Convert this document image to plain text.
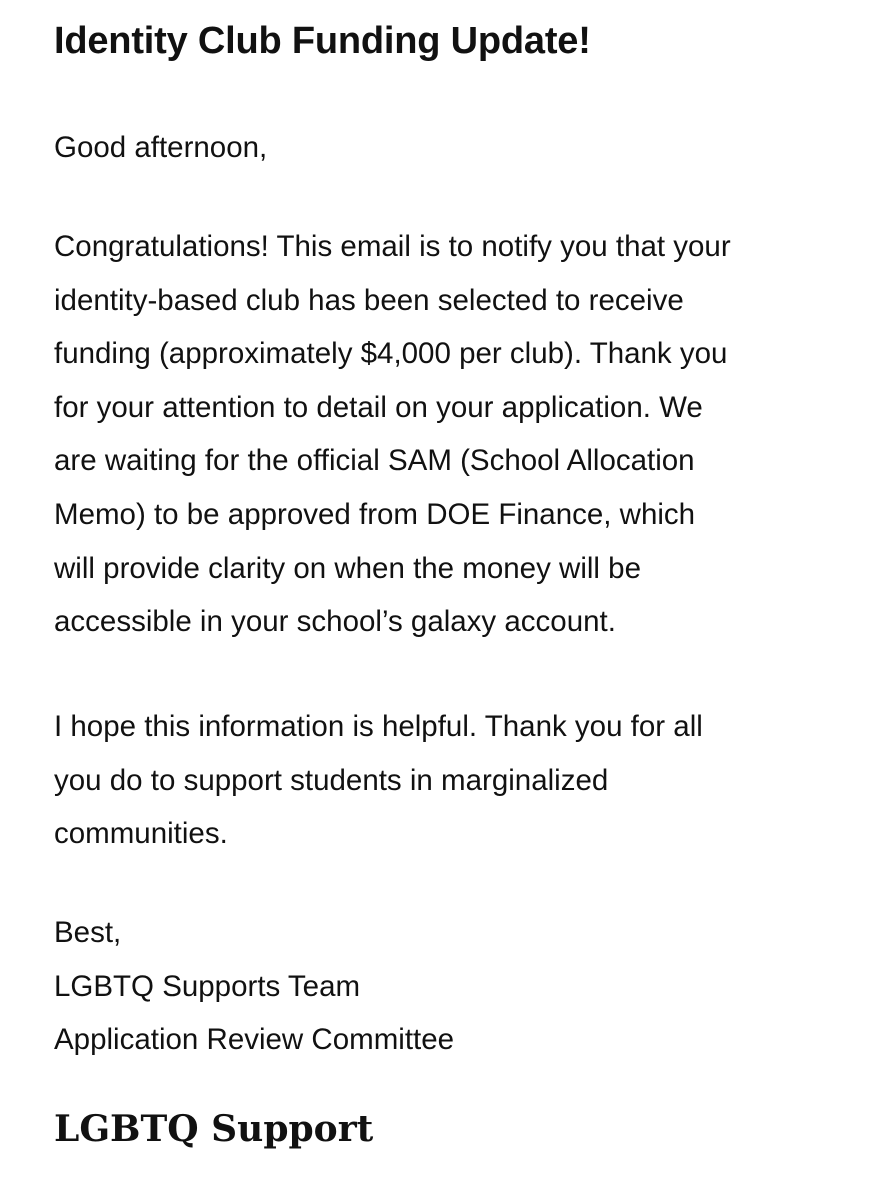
Identity Club Funding Update!

Good afternoon,

Congratulations! This email is to notify you that your
identity-based club has been selected to receive
funding (approximately $4,000 per club). Thank you
for your attention to detail on your application. We
are waiting for the official SAM (School Allocation
Memo) to be approved from DOE Finance, which
will provide clarity on when the money will be
accessible in your school’s galaxy account.

I hope this information is helpful. Thank you for all
you do to support students in marginalized
communities.

Best,
LGBTQ Supports Team
Application Review Committee

LGBTQ Support
